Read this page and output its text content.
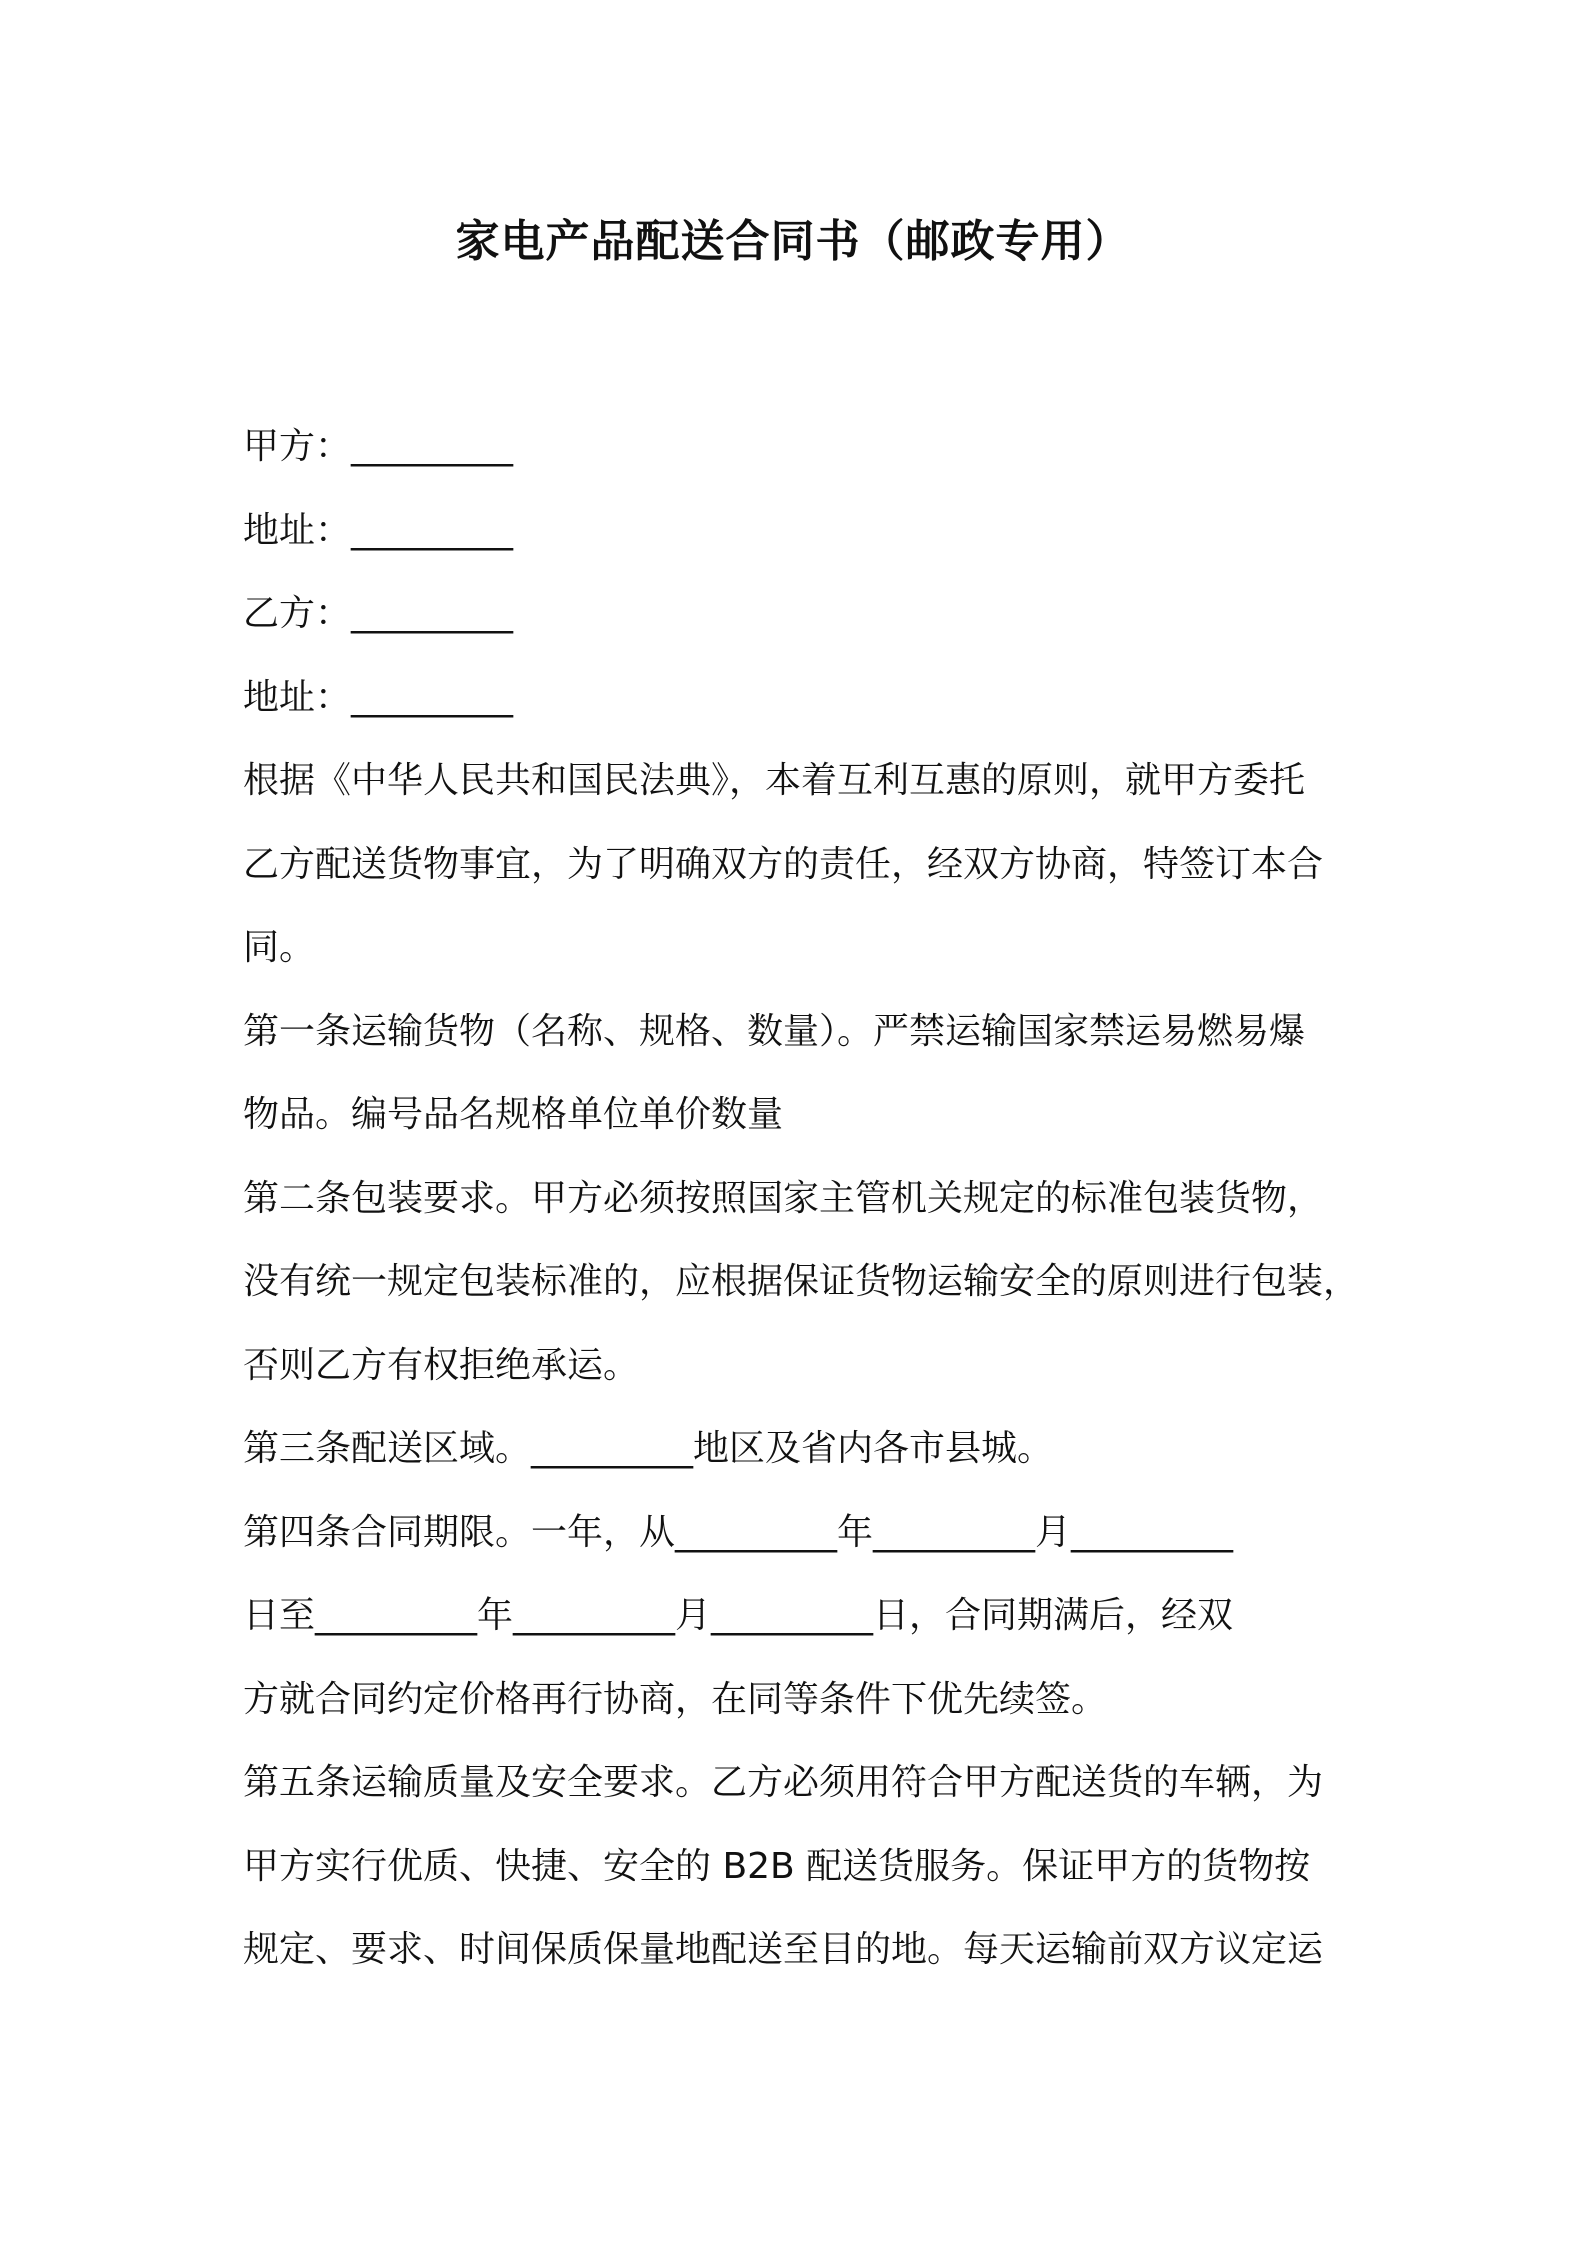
家电产品配送合同书（邮政专用）
甲方：_________
地址：_________
乙方：_________
地址：_________
根据《中华人民共和国民法典》，本着互利互惠的原则，就甲方委托
乙方配送货物事宜，为了明确双方的责任，经双方协商，特签订本合
同。
第一条运输货物（名称、规格、数量）。严禁运输国家禁运易燃易爆
物品。编号品名规格单位单价数量
第二条包装要求。甲方必须按照国家主管机关规定的标准包装货物，
没有统一规定包装标准的，应根据保证货物运输安全的原则进行包装，
否则乙方有权拒绝承运。
第三条配送区域。_________地区及省内各市县城。
第四条合同期限。一年，从_________年_________月_________
日至_________年_________月_________日，合同期满后，经双
方就合同约定价格再行协商，在同等条件下优先续签。
第五条运输质量及安全要求。乙方必须用符合甲方配送货的车辆，为
甲方实行优质、快捷、安全的 B2B 配送货服务。保证甲方的货物按
规定、要求、时间保质保量地配送至目的地。每天运输前双方议定运
